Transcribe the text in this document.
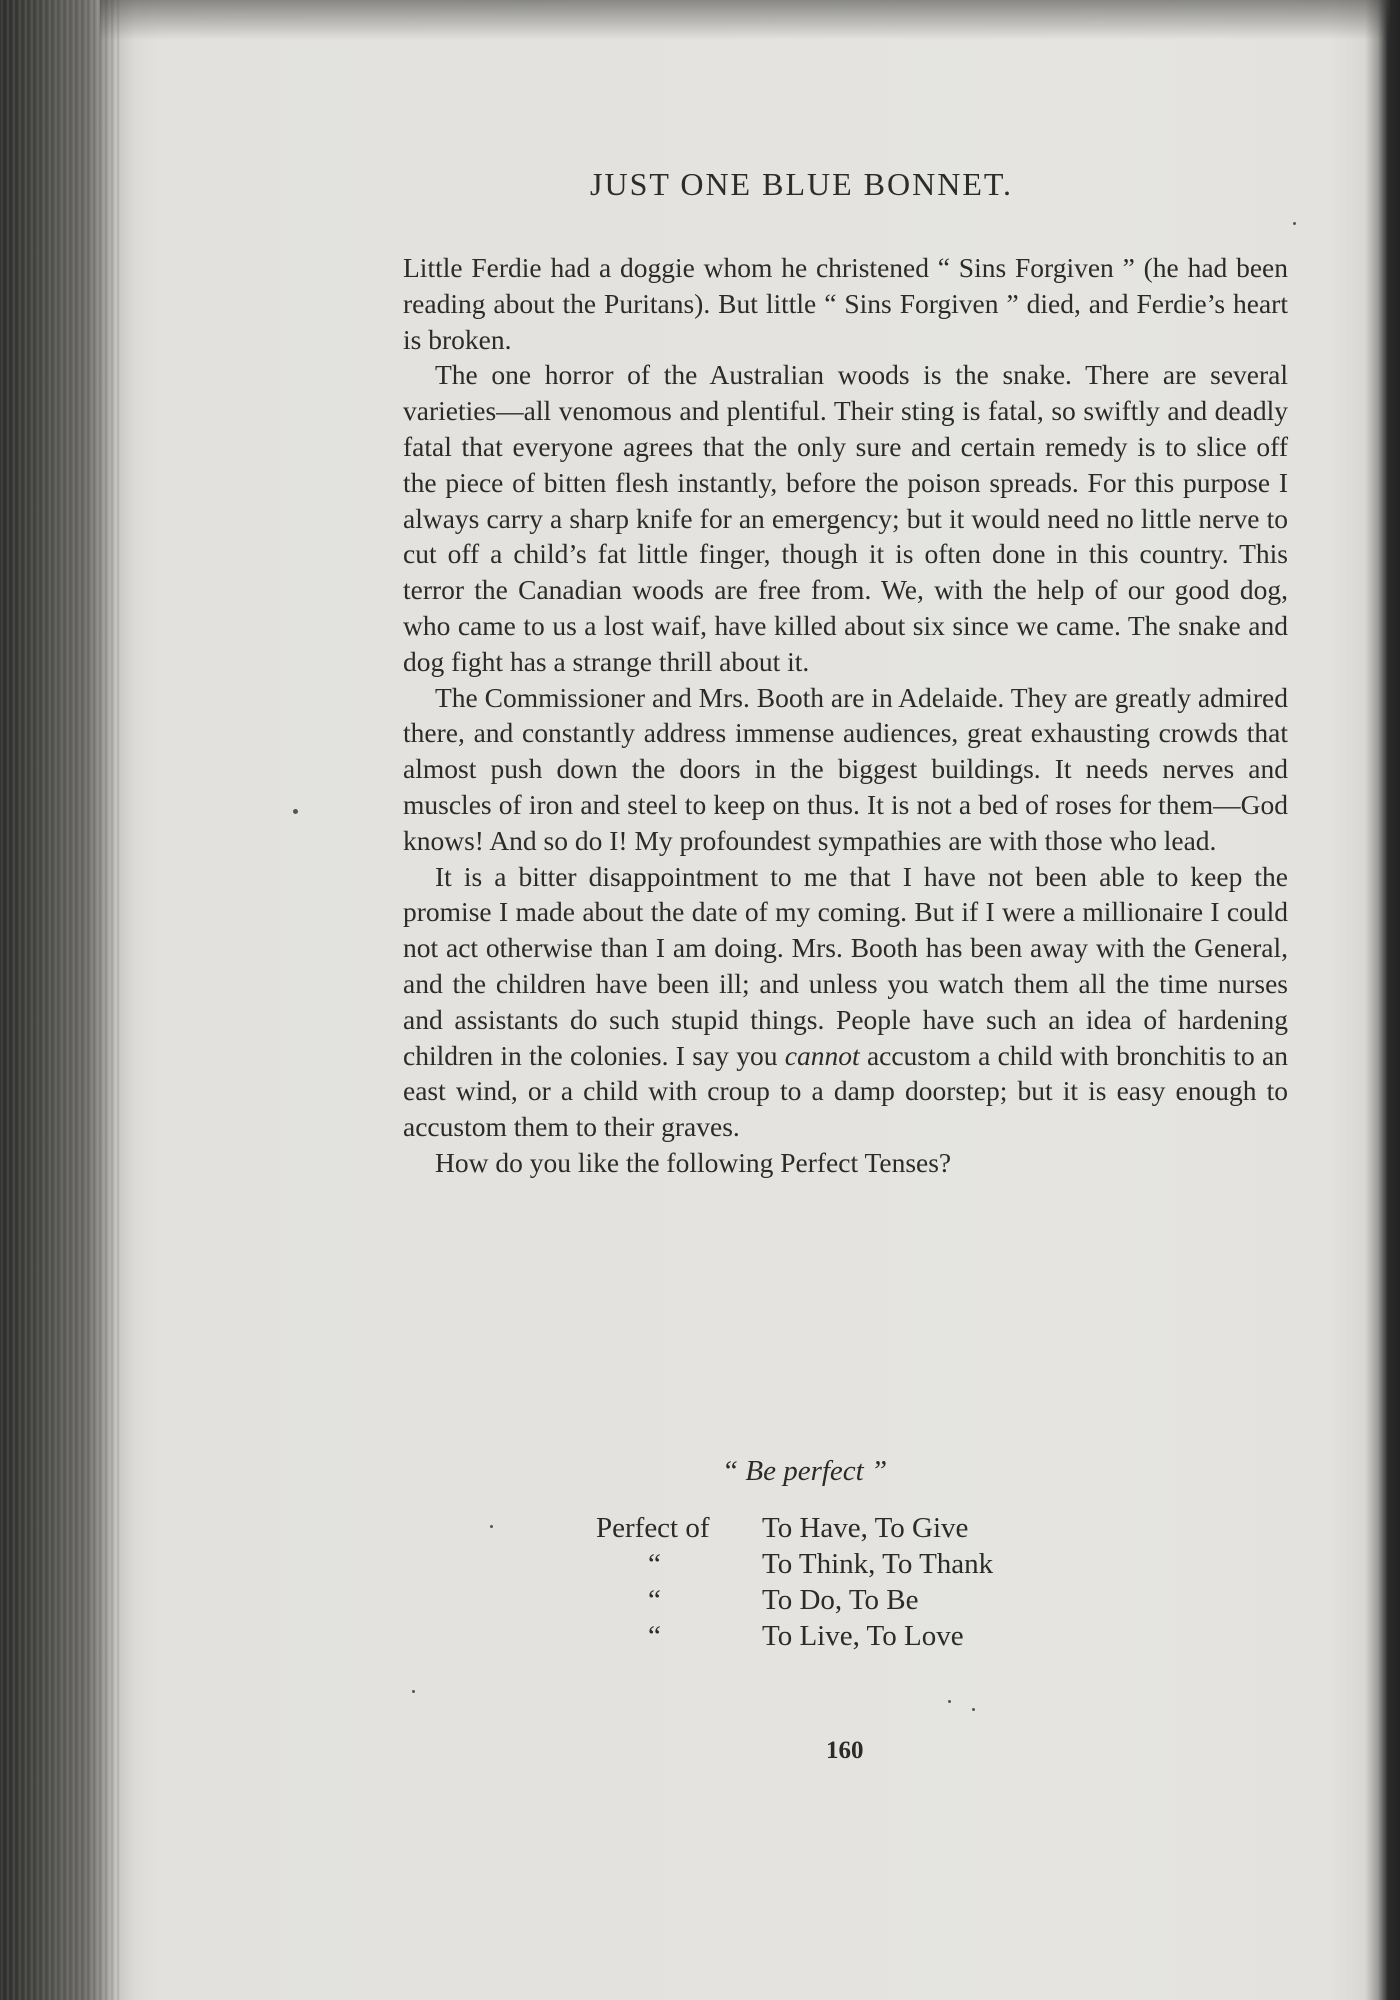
JUST ONE BLUE BONNET.

Little Ferdie had a doggie whom he christened “ Sins Forgiven ” (he had been reading about the Puritans). But little “ Sins Forgiven ” died, and Ferdie’s heart is broken.

The one horror of the Australian woods is the snake. There are several varieties—all venomous and plentiful. Their sting is fatal, so swiftly and deadly fatal that everyone agrees that the only sure and certain remedy is to slice off the piece of bitten flesh instantly, before the poison spreads. For this purpose I always carry a sharp knife for an emergency; but it would need no little nerve to cut off a child’s fat little finger, though it is often done in this country. This terror the Canadian woods are free from. We, with the help of our good dog, who came to us a lost waif, have killed about six since we came. The snake and dog fight has a strange thrill about it.

The Commissioner and Mrs. Booth are in Adelaide. They are greatly admired there, and constantly address immense audiences, great exhausting crowds that almost push down the doors in the biggest buildings. It needs nerves and muscles of iron and steel to keep on thus. It is not a bed of roses for them—God knows! And so do I! My profoundest sympathies are with those who lead.

It is a bitter disappointment to me that I have not been able to keep the promise I made about the date of my coming. But if I were a millionaire I could not act otherwise than I am doing. Mrs. Booth has been away with the General, and the children have been ill; and unless you watch them all the time nurses and assistants do such stupid things. People have such an idea of hardening children in the colonies. I say you cannot accustom a child with bronchitis to an east wind, or a child with croup to a damp doorstep; but it is easy enough to accustom them to their graves.

How do you like the following Perfect Tenses?

“ Be perfect ”
Perfect of	To Have, To Give
“	To Think, To Thank
“	To Do, To Be
“	To Live, To Love
160
